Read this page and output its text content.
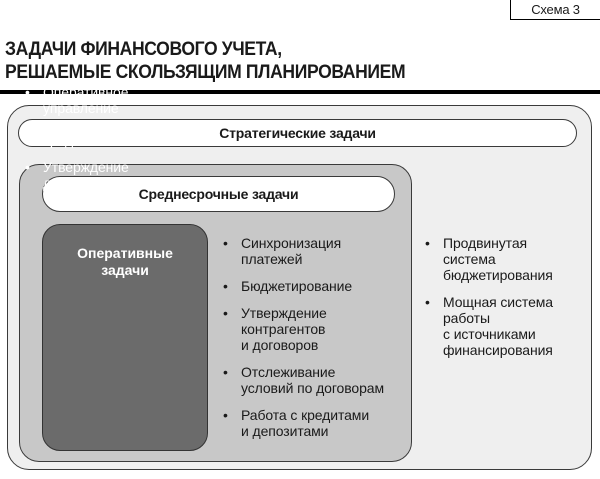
Схема 3
ЗАДАЧИ ФИНАНСОВОГО УЧЕТА,
РЕШАЕМЫЕ СКОЛЬЗЯЩИМ ПЛАНИРОВАНИЕМ
Стратегические задачи
Среднесрочные задачи
Оперативные
задачи
• Оперативное
управление
денежными
средствами
• Утверждение
документов
• Синхронизация
платежей
• Бюджетирование
• Утверждение
контрагентов
и договоров
• Отслеживание
условий по договорам
• Работа с кредитами
и депозитами
• Продвинутая
система
бюджетирования
• Мощная система
работы
с источниками
финансирования
